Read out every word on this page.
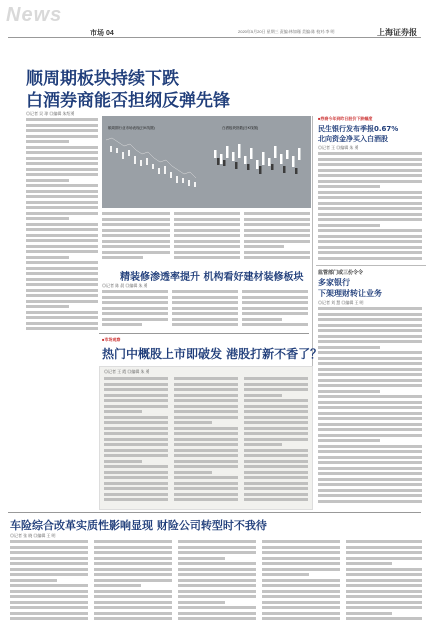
News
市场 04	2020年5月20日 星期三 责编:林如瑾 美编:陈 校对:李 明	上海证券报
顺周期板块持续下跌
白酒券商能否担纲反弹先锋
◎记者 吴 琼 ◎编辑 朱绍勇
顺周期行业市场表现(日K线图)	白酒板块指数(日K线图)
■券商今年到昨日股价下跌幅度
民生银行发布季报0.67%
北向资金净买入白酒股
◎记者 王 ◎编辑 朱 勇
监管部门或三份令令
多家银行
下架理财转让业务
◎记者 刘 慧 ◎编辑 王 明
精装修渗透率提升 机构看好建材装修板块
◎记者 陈 晨 ◎编辑 朱 勇
■市场观察
热门中概股上市即破发 港股打新不香了？
◎记者 王 霞 ◎编辑 朱 勇
车险综合改革实质性影响显现 财险公司转型时不我待
◎记者 张 晓 ◎编辑 王 明
